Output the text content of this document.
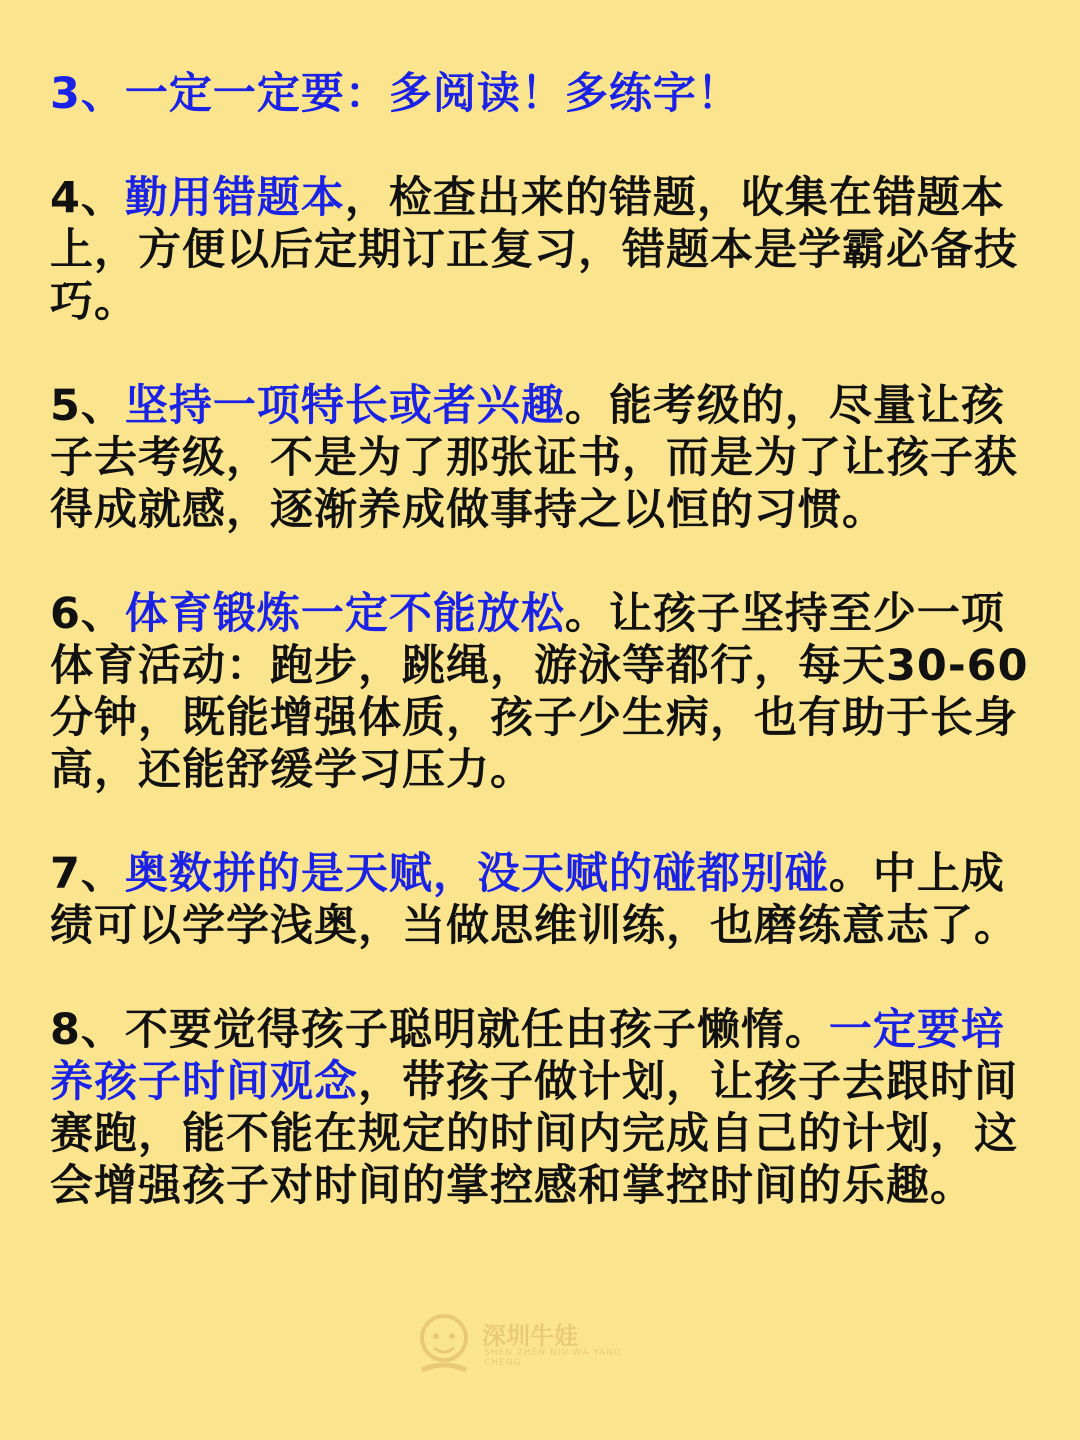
3、一定一定要：多阅读！多练字！

4、勤用错题本，检查出来的错题，收集在错题本上，方便以后定期订正复习，错题本是学霸必备技巧。

5、坚持一项特长或者兴趣。能考级的，尽量让孩子去考级，不是为了那张证书，而是为了让孩子获得成就感，逐渐养成做事持之以恒的习惯。

6、体育锻炼一定不能放松。让孩子坚持至少一项体育活动：跑步，跳绳，游泳等都行，每天30-60分钟，既能增强体质，孩子少生病，也有助于长身高，还能舒缓学习压力。

7、奥数拼的是天赋，没天赋的碰都别碰。中上成绩可以学学浅奥，当做思维训练，也磨练意志了。

8、不要觉得孩子聪明就任由孩子懒惰。一定要培养孩子时间观念，带孩子做计划，让孩子去跟时间赛跑，能不能在规定的时间内完成自己的计划，这会增强孩子对时间的掌控感和掌控时间的乐趣。

深圳牛娃
SHEN ZHEN NIU WA YANG CHENG
